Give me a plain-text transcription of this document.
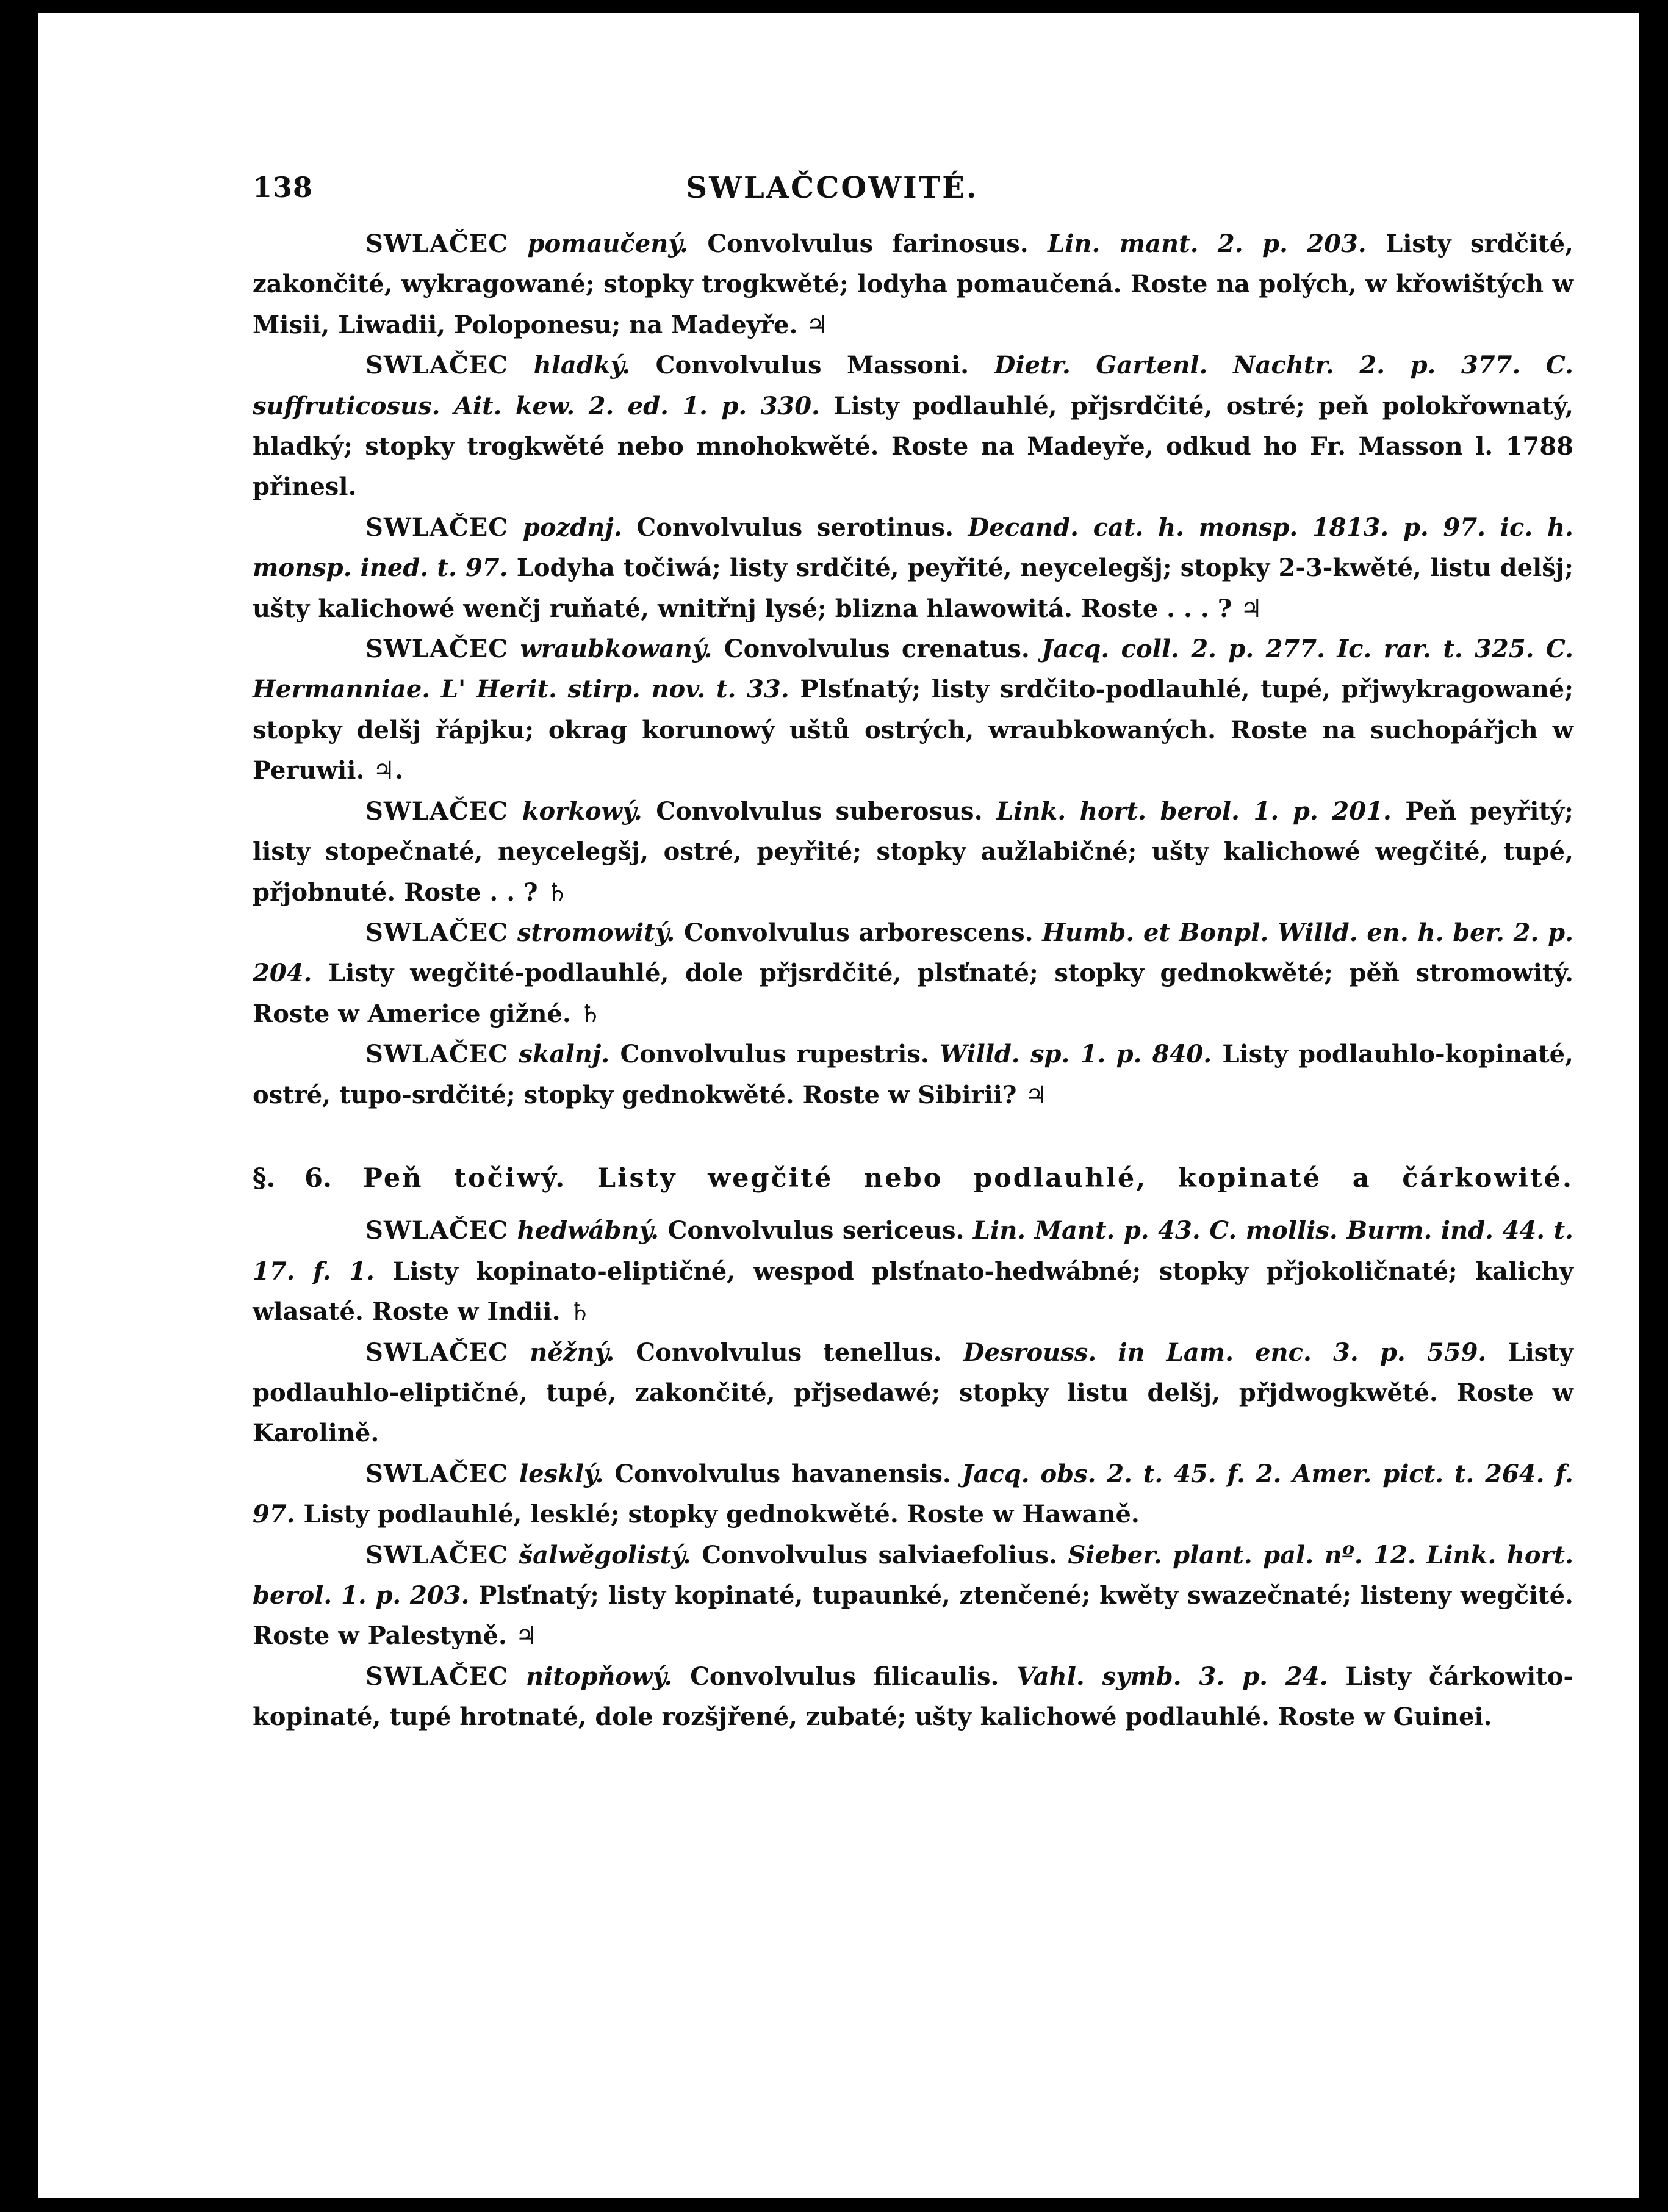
138	SWLAČCOWITÉ.

SWLAČEC pomaučený. Convolvulus farinosus. Lin. mant. 2. p. 203. Listy srdčité, zakončité, wykragowané; stopky trogkwěté; lodyha pomaučená. Roste na polých, w křowištých w Misii, Liwadii, Poloponesu; na Madeyře. ♃

SWLAČEC hladký. Convolvulus Massoni. Dietr. Gartenl. Nachtr. 2. p. 377. C. suffruticosus. Ait. kew. 2. ed. 1. p. 330. Listy podlauhlé, přjsrdčité, ostré; peň polokřownatý, hladký; stopky trogkwěté nebo mnohokwěté. Roste na Madeyře, odkud ho Fr. Masson l. 1788 přinesl.

SWLAČEC pozdnj. Convolvulus serotinus. Decand. cat. h. monsp. 1813. p. 97. ic. h. monsp. ined. t. 97. Lodyha točiwá; listy srdčité, peyřité, neycelegšj; stopky 2-3-kwěté, listu delšj; ušty kalichowé wenčj ruňaté, wnitřnj lysé; blizna hlawowitá. Roste . . . ? ♃

SWLAČEC wraubkowaný. Convolvulus crenatus. Jacq. coll. 2. p. 277. Ic. rar. t. 325. C. Hermanniae. L' Herit. stirp. nov. t. 33. Plsťnatý; listy srdčito-podlauhlé, tupé, přjwykragowané; stopky delšj řápjku; okrag korunowý uštů ostrých, wraubkowaných. Roste na suchopářjch w Peruwii. ♃.

SWLAČEC korkowý. Convolvulus suberosus. Link. hort. berol. 1. p. 201. Peň peyřitý; listy stopečnaté, neycelegšj, ostré, peyřité; stopky aužlabičné; ušty kalichowé wegčité, tupé, přjobnuté. Roste . . ? ♄

SWLAČEC stromowitý. Convolvulus arborescens. Humb. et Bonpl. Willd. en. h. ber. 2. p. 204. Listy wegčité-podlauhlé, dole přjsrdčité, plsťnaté; stopky gednokwěté; pěň stromowitý. Roste w Americe gižné. ♄

SWLAČEC skalnj. Convolvulus rupestris. Willd. sp. 1. p. 840. Listy podlauhlo-kopinaté, ostré, tupo-srdčité; stopky gednokwěté. Roste w Sibirii? ♃

§. 6. Peň točiwý. Listy wegčité nebo podlauhlé, kopinaté a čárkowité.

SWLAČEC hedwábný. Convolvulus sericeus. Lin. Mant. p. 43. C. mollis. Burm. ind. 44. t. 17. f. 1. Listy kopinato-eliptičné, wespod plsťnato-hedwábné; stopky přjokoličnaté; kalichy wlasaté. Roste w Indii. ♄

SWLAČEC něžný. Convolvulus tenellus. Desrouss. in Lam. enc. 3. p. 559. Listy podlauhlo-eliptičné, tupé, zakončité, přjsedawé; stopky listu delšj, přjdwogkwěté. Roste w Karolině.

SWLAČEC lesklý. Convolvulus havanensis. Jacq. obs. 2. t. 45. f. 2. Amer. pict. t. 264. f. 97. Listy podlauhlé, lesklé; stopky gednokwěté. Roste w Hawaně.

SWLAČEC šalwěgolistý. Convolvulus salviaefolius. Sieber. plant. pal. nº. 12. Link. hort. berol. 1. p. 203. Plsťnatý; listy kopinaté, tupaunké, ztenčené; kwěty swazečnaté; listeny wegčité. Roste w Palestyně. ♃

SWLAČEC nitopňowý. Convolvulus filicaulis. Vahl. symb. 3. p. 24. Listy čárkowito-kopinaté, tupé hrotnaté, dole rozšjřené, zubaté; ušty kalichowé podlauhlé. Roste w Guinei.
